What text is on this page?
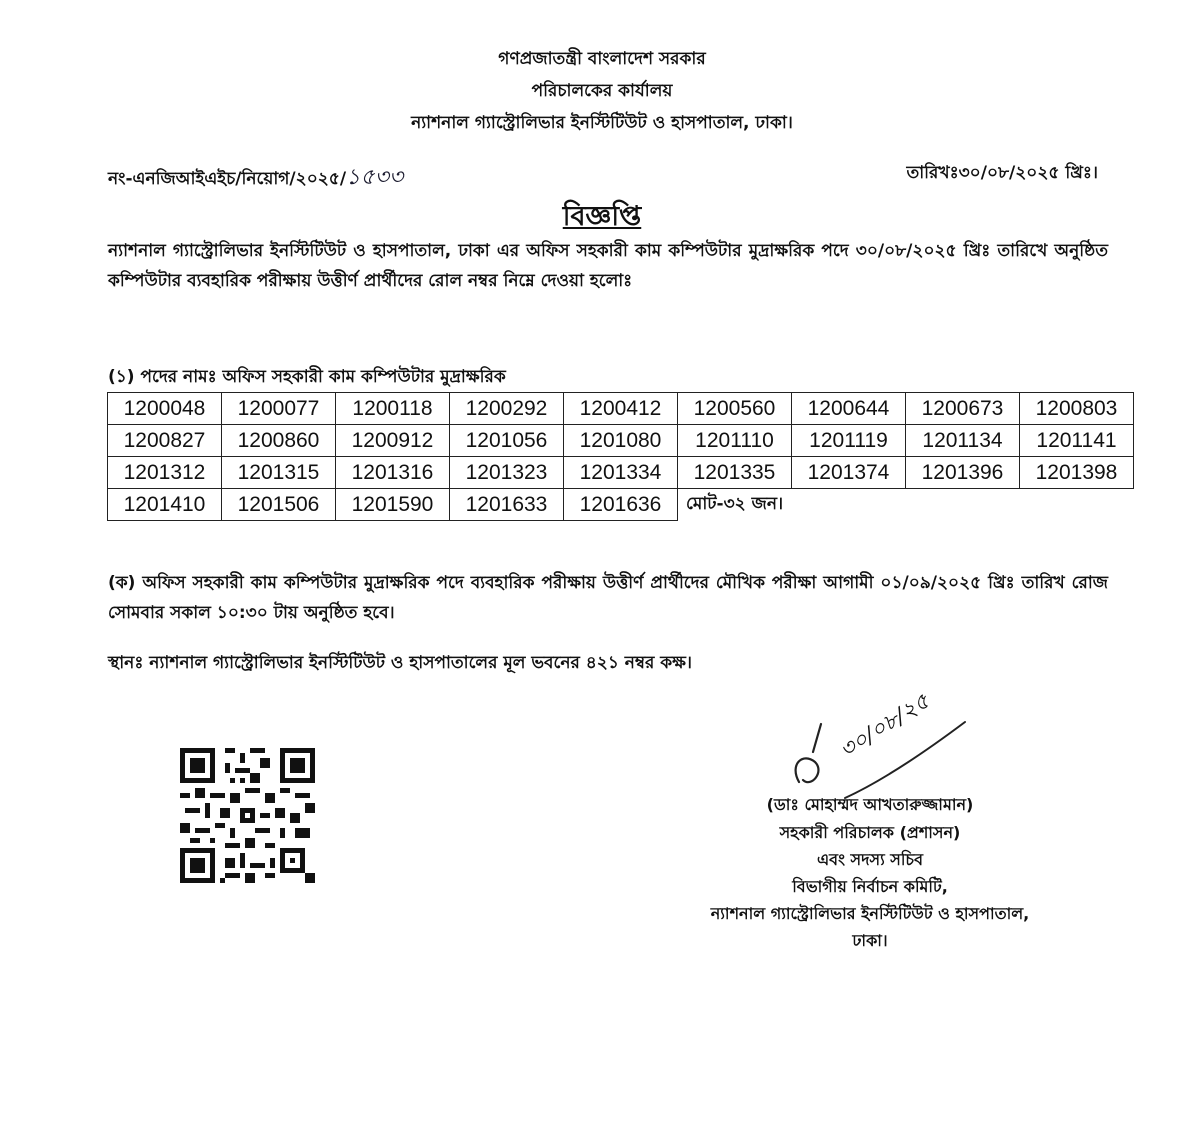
গণপ্রজাতন্ত্রী বাংলাদেশ সরকার
পরিচালকের কার্যালয়
ন্যাশনাল গ্যাস্ট্রোলিভার ইনস্টিটিউট ও হাসপাতাল, ঢাকা।
নং-এনজিআইএইচ/নিয়োগ/২০২৫/১৫৩৩	তারিখঃ৩০/০৮/২০২৫ খ্রিঃ।
বিজ্ঞপ্তি
ন্যাশনাল গ্যাস্ট্রোলিভার ইনস্টিটিউট ও হাসপাতাল, ঢাকা এর অফিস সহকারী কাম কম্পিউটার মুদ্রাক্ষরিক পদে ৩০/০৮/২০২৫ খ্রিঃ তারিখে অনুষ্ঠিত কম্পিউটার ব্যবহারিক পরীক্ষায় উত্তীর্ণ প্রার্থীদের রোল নম্বর নিম্নে দেওয়া হলোঃ
(১) পদের নামঃ অফিস সহকারী কাম কম্পিউটার মুদ্রাক্ষরিক
1200048	1200077	1200118	1200292	1200412	1200560	1200644	1200673	1200803
1200827	1200860	1200912	1201056	1201080	1201110	1201119	1201134	1201141
1201312	1201315	1201316	1201323	1201334	1201335	1201374	1201396	1201398
1201410	1201506	1201590	1201633	1201636	মোট-৩২ জন।			
(ক) অফিস সহকারী কাম কম্পিউটার মুদ্রাক্ষরিক পদে ব্যবহারিক পরীক্ষায় উত্তীর্ণ প্রার্থীদের মৌখিক পরীক্ষা আগামী ০১/০৯/২০২৫ খ্রিঃ তারিখ রোজ সোমবার সকাল ১০:৩০ টায় অনুষ্ঠিত হবে।
স্থানঃ ন্যাশনাল গ্যাস্ট্রোলিভার ইনস্টিটিউট ও হাসপাতালের মূল ভবনের ৪২১ নম্বর কক্ষ।
৩০/০৮/২৫
(ডাঃ মোহাম্মদ আখতারুজ্জামান)
সহকারী পরিচালক (প্রশাসন)
এবং সদস্য সচিব
বিভাগীয় নির্বাচন কমিটি,
ন্যাশনাল গ্যাস্ট্রোলিভার ইনস্টিটিউট ও হাসপাতাল,
ঢাকা।
